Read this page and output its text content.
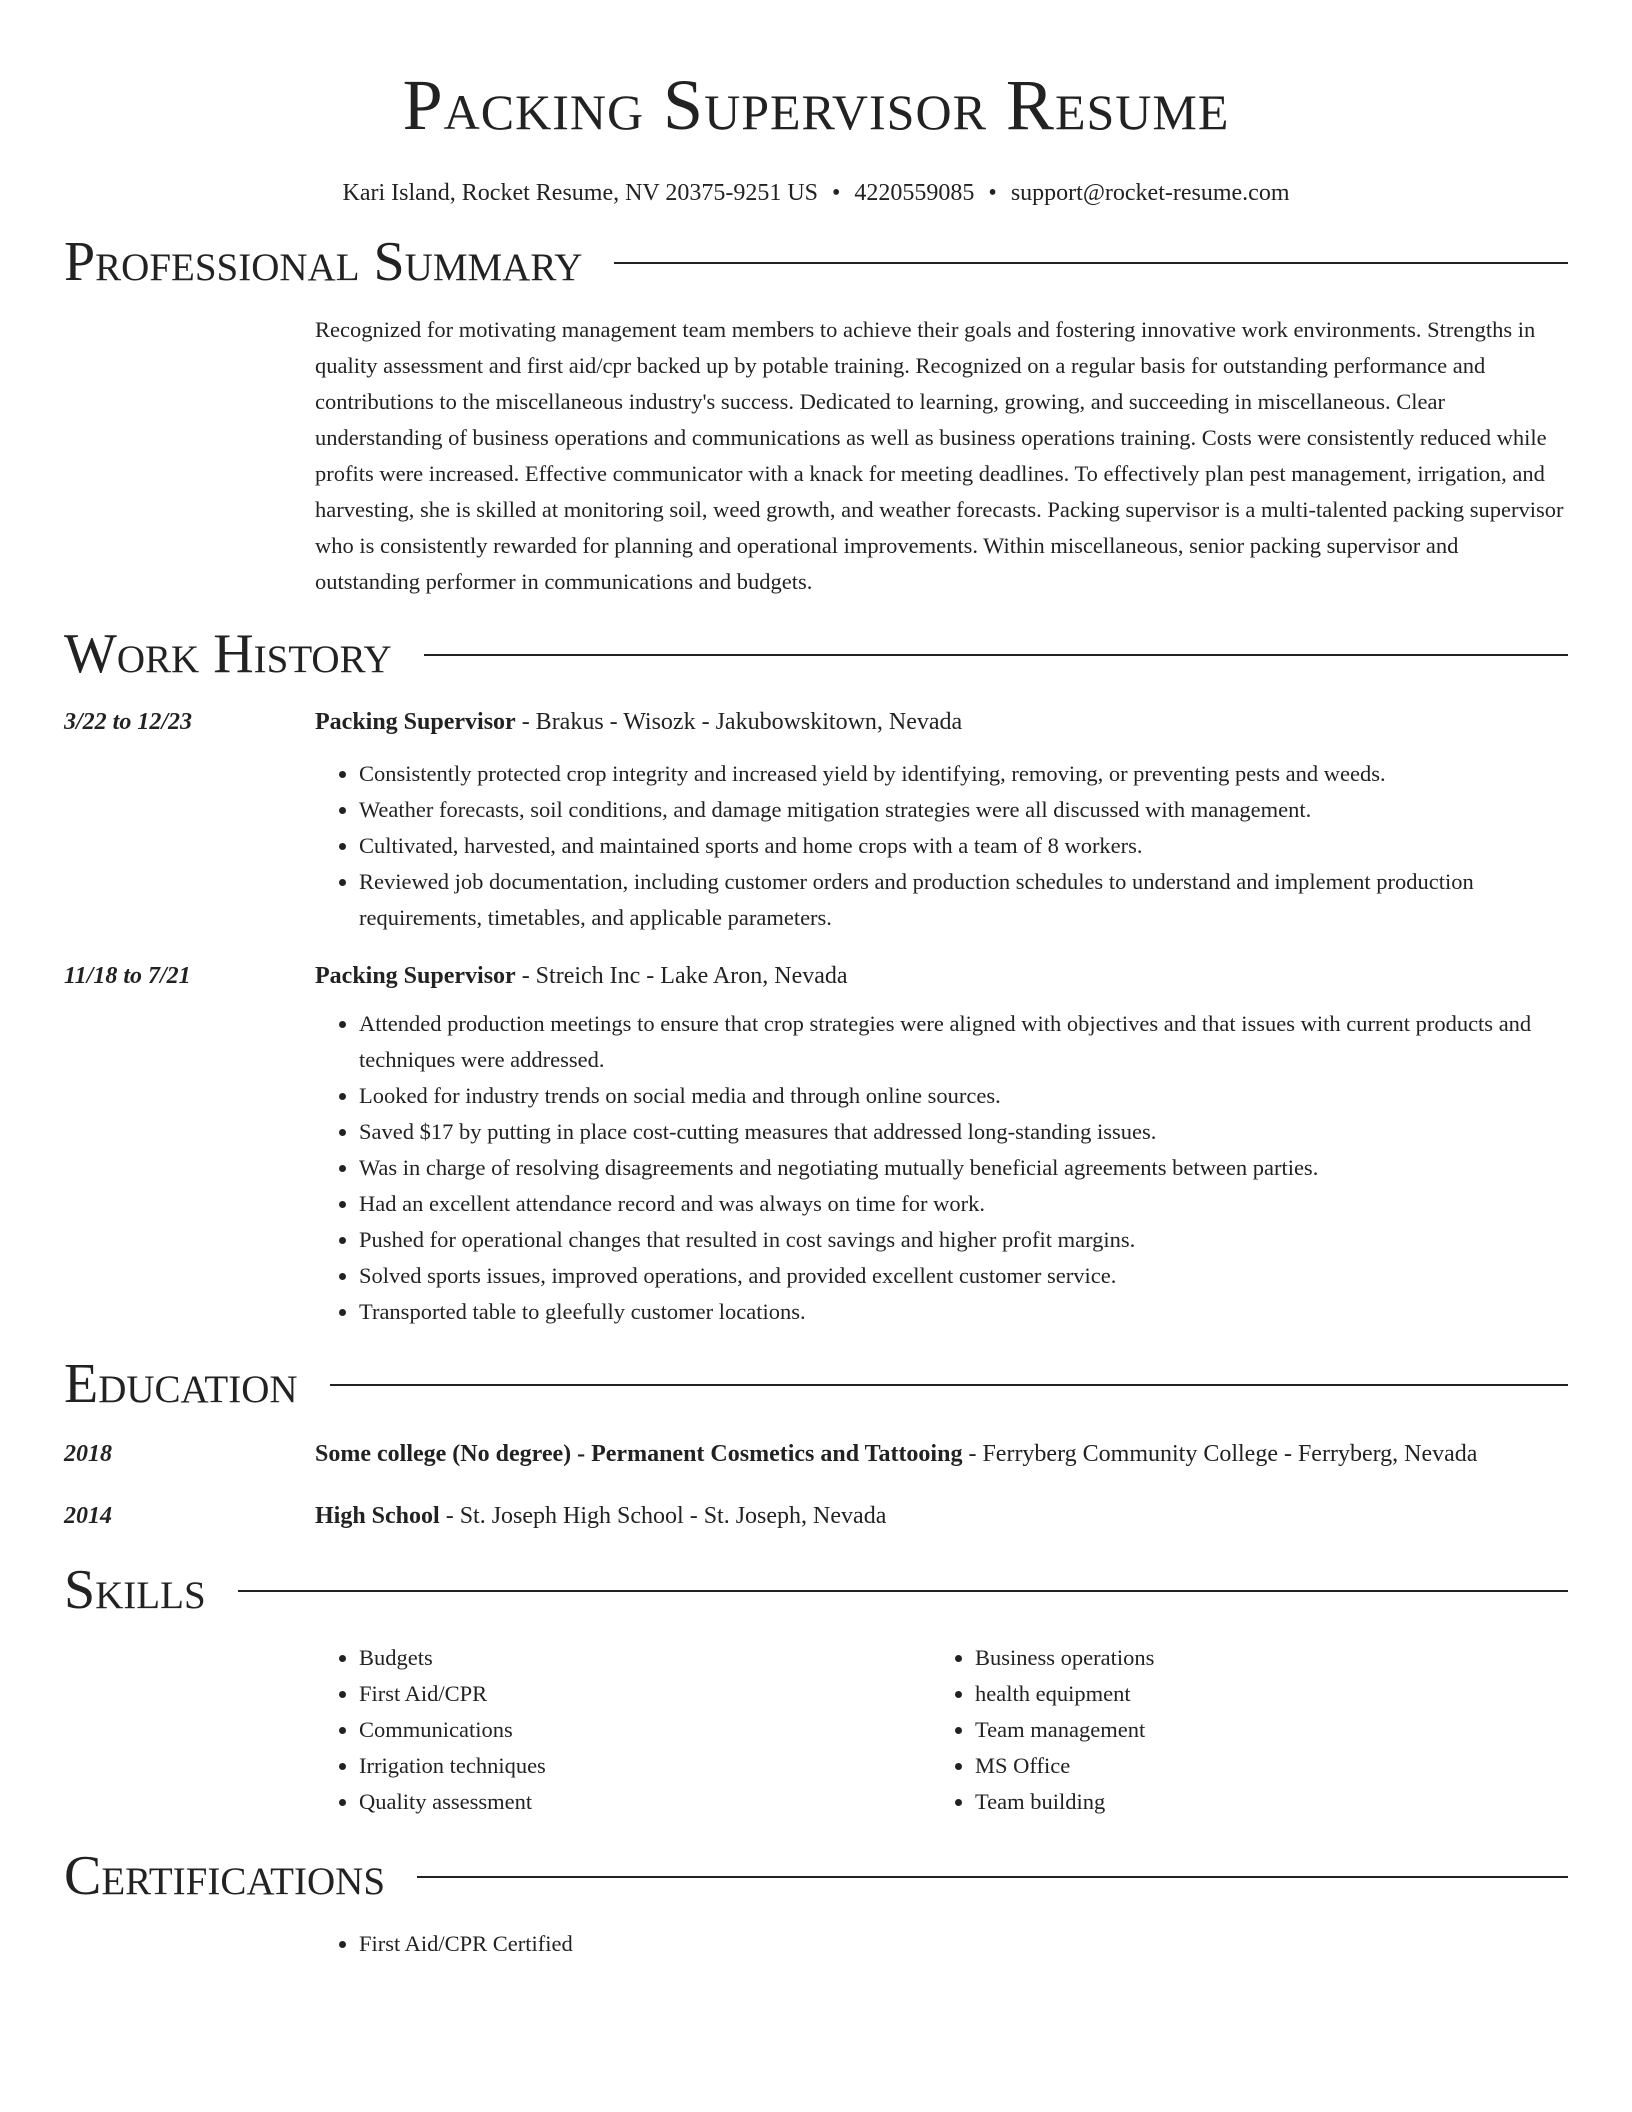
Packing Supervisor Resume
Kari Island, Rocket Resume, NV 20375-9251 US • 4220559085 • support@rocket-resume.com
Professional Summary
Recognized for motivating management team members to achieve their goals and fostering innovative work environments. Strengths in quality assessment and first aid/cpr backed up by potable training. Recognized on a regular basis for outstanding performance and contributions to the miscellaneous industry's success. Dedicated to learning, growing, and succeeding in miscellaneous. Clear understanding of business operations and communications as well as business operations training. Costs were consistently reduced while profits were increased. Effective communicator with a knack for meeting deadlines. To effectively plan pest management, irrigation, and harvesting, she is skilled at monitoring soil, weed growth, and weather forecasts. Packing supervisor is a multi-talented packing supervisor who is consistently rewarded for planning and operational improvements. Within miscellaneous, senior packing supervisor and outstanding performer in communications and budgets.
Work History
3/22 to 12/23	Packing Supervisor - Brakus - Wisozk - Jakubowskitown, Nevada
• Consistently protected crop integrity and increased yield by identifying, removing, or preventing pests and weeds.
• Weather forecasts, soil conditions, and damage mitigation strategies were all discussed with management.
• Cultivated, harvested, and maintained sports and home crops with a team of 8 workers.
• Reviewed job documentation, including customer orders and production schedules to understand and implement production requirements, timetables, and applicable parameters.
11/18 to 7/21	Packing Supervisor - Streich Inc - Lake Aron, Nevada
• Attended production meetings to ensure that crop strategies were aligned with objectives and that issues with current products and techniques were addressed.
• Looked for industry trends on social media and through online sources.
• Saved $17 by putting in place cost-cutting measures that addressed long-standing issues.
• Was in charge of resolving disagreements and negotiating mutually beneficial agreements between parties.
• Had an excellent attendance record and was always on time for work.
• Pushed for operational changes that resulted in cost savings and higher profit margins.
• Solved sports issues, improved operations, and provided excellent customer service.
• Transported table to gleefully customer locations.
Education
2018	Some college (No degree) - Permanent Cosmetics and Tattooing - Ferryberg Community College - Ferryberg, Nevada
2014	High School - St. Joseph High School - St. Joseph, Nevada
Skills
• Budgets
• First Aid/CPR
• Communications
• Irrigation techniques
• Quality assessment
• Business operations
• health equipment
• Team management
• MS Office
• Team building
Certifications
• First Aid/CPR Certified
